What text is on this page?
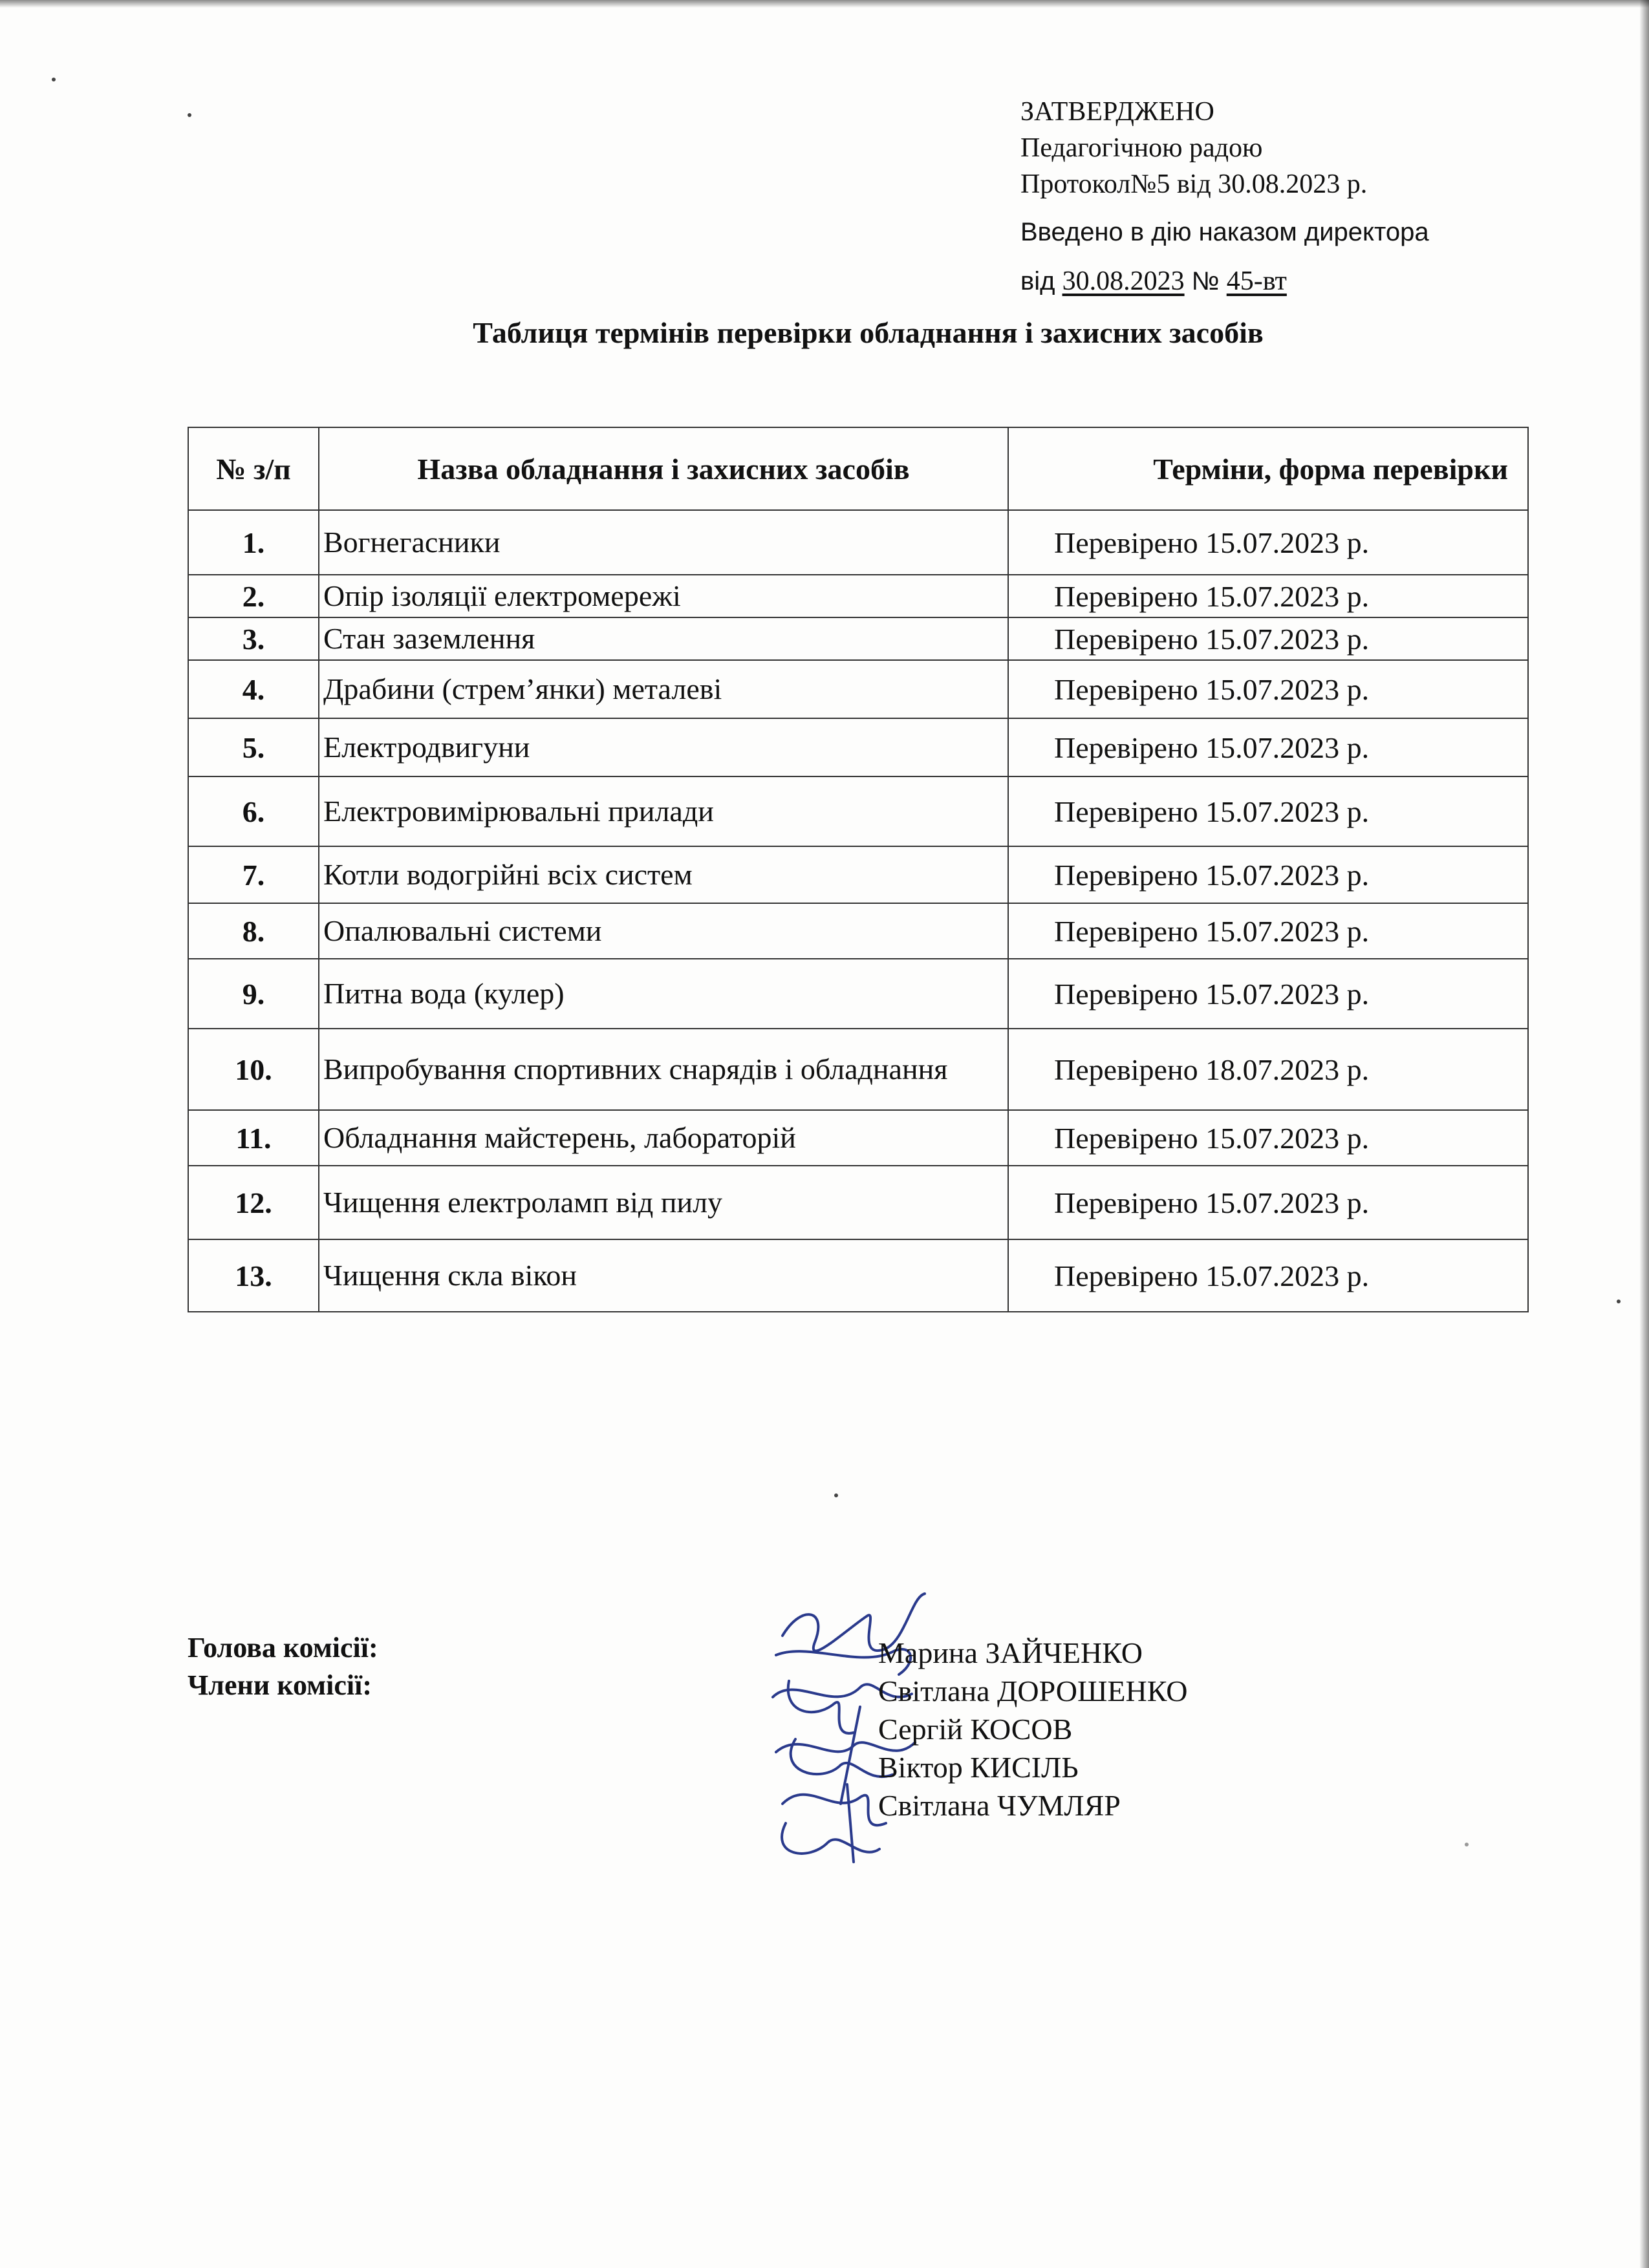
ЗАТВЕРДЖЕНО
Педагогічною радою
Протокол№5 від 30.08.2023 р.
Введено в дію наказом директора
від 30.08.2023 № 45-вт
Таблиця термінів перевірки обладнання і захисних засобів
№ з/п	Назва обладнання і захисних засобів	Терміни, форма перевірки
1.	Вогнегасники	Перевірено 15.07.2023 р.
2.	Опір ізоляції електромережі	Перевірено 15.07.2023 р.
3.	Стан заземлення	Перевірено 15.07.2023 р.
4.	Драбини (стрем’янки) металеві	Перевірено 15.07.2023 р.
5.	Електродвигуни	Перевірено 15.07.2023 р.
6.	Електровимірювальні прилади	Перевірено 15.07.2023 р.
7.	Котли водогрійні всіх систем	Перевірено 15.07.2023 р.
8.	Опалювальні системи	Перевірено 15.07.2023 р.
9.	Питна вода (кулер)	Перевірено 15.07.2023 р.
10.	Випробування спортивних снарядів і обладнання	Перевірено 18.07.2023 р.
11.	Обладнання майстерень, лабораторій	Перевірено 15.07.2023 р.
12.	Чищення електроламп від пилу	Перевірено 15.07.2023 р.
13.	Чищення скла вікон	Перевірено 15.07.2023 р.
Голова комісії:
Члени комісії:
Марина ЗАЙЧЕНКО
Світлана ДОРОШЕНКО
Сергій КОСОВ
Віктор КИСІЛЬ
Світлана ЧУМЛЯР
